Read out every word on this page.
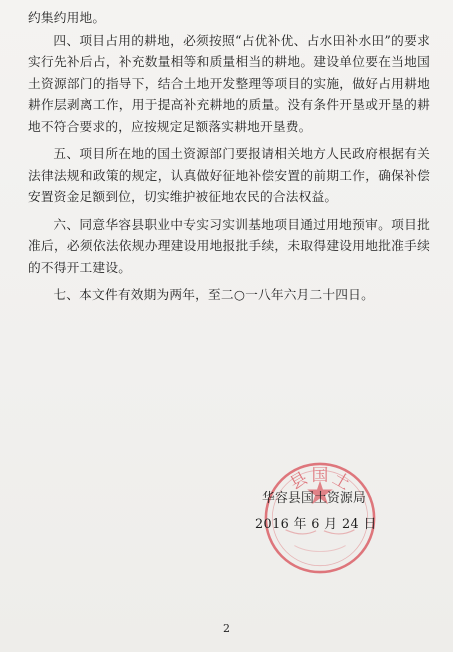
约集约用地。

四、项目占用的耕地，必须按照“占优补优、占水田补水田”的要求实行先补后占，补充数量相等和质量相当的耕地。建设单位要在当地国土资源部门的指导下，结合土地开发整理等项目的实施，做好占用耕地耕作层剥离工作，用于提高补充耕地的质量。没有条件开垦或开垦的耕地不符合要求的，应按规定足额落实耕地开垦费。

五、项目所在地的国土资源部门要报请相关地方人民政府根据有关法律法规和政策的规定，认真做好征地补偿安置的前期工作，确保补偿安置资金足额到位，切实维护被征地农民的合法权益。

六、同意华容县职业中专实习实训基地项目通过用地预审。项目批准后，必须依法依规办理建设用地报批手续，未取得建设用地批准手续的不得开工建设。

七、本文件有效期为两年，至二○一八年六月二十四日。

县 国 土
华容县国土资源局
2016 年 6 月 24 日
2
